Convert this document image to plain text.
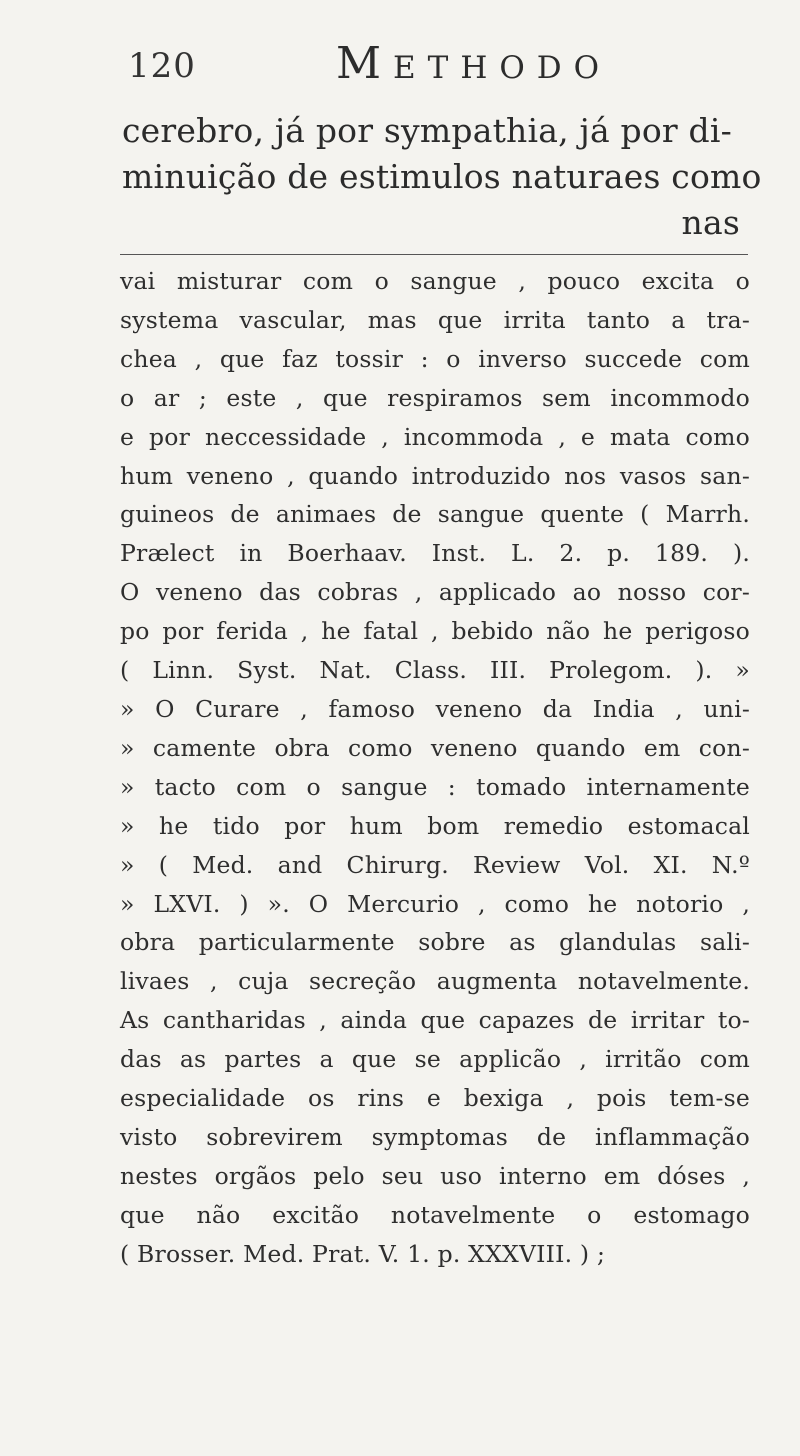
120	Methodo
cerebro, já por sympathia, já por di-
minuição de estimulos naturaes como
nas
vai misturar com o sangue , pouco excita o
systema vascular, mas que irrita tanto a tra-
chea , que faz tossir : o inverso succede com
o ar ; este , que respiramos sem incommodo
e por neccessidade , incommoda , e mata como
hum veneno , quando introduzido nos vasos san-
guineos de animaes de sangue quente ( Marrh.
Prælect in Boerhaav. Inst. L. 2. p. 189. ).
O veneno das cobras , applicado ao nosso cor-
po por ferida , he fatal , bebido não he perigoso
( Linn. Syst. Nat. Class. III. Prolegom. ). »
» O Curare , famoso veneno da India , uni-
» camente obra como veneno quando em con-
» tacto com o sangue : tomado internamente
» he tido por hum bom remedio estomacal
» ( Med. and Chirurg. Review Vol. XI. N.º
» LXVI. ) ». O Mercurio , como he notorio ,
obra particularmente sobre as glandulas sali-
livaes , cuja secreção augmenta notavelmente.
As cantharidas , ainda que capazes de irritar to-
das as partes a que se applicão , irritão com
especialidade os rins e bexiga , pois tem-se
visto sobrevirem symptomas de inflammação
nestes orgãos pelo seu uso interno em dóses ,
que não excitão notavelmente o estomago
( Brosser. Med. Prat. V. 1. p. XXXVIII. ) ;
